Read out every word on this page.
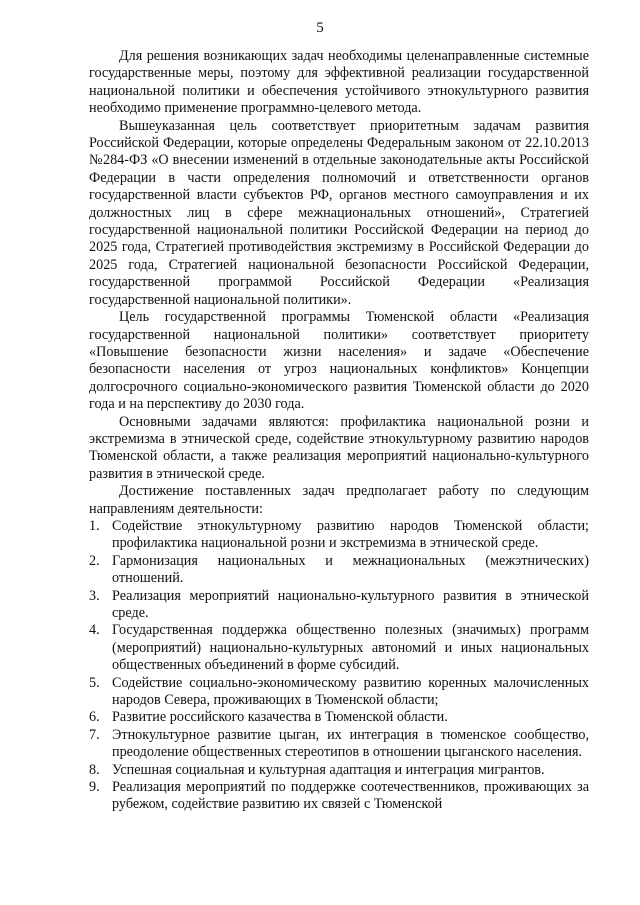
5

Для решения возникающих задач необходимы целенаправленные системные государственные меры, поэтому для эффективной реализации государственной национальной политики и обеспечения устойчивого этнокультурного развития необходимо применение программно-целевого метода.

Вышеуказанная цель соответствует приоритетным задачам развития Российской Федерации, которые определены Федеральным законом от 22.10.2013 №284-ФЗ «О внесении изменений в отдельные законодательные акты Российской Федерации в части определения полномочий и ответственности органов государственной власти субъектов РФ, органов местного самоуправления и их должностных лиц в сфере межнациональных отношений», Стратегией государственной национальной политики Российской Федерации на период до 2025 года, Стратегией противодействия экстремизму в Российской Федерации до 2025 года, Стратегией национальной безопасности Российской Федерации, государственной программой Российской Федерации «Реализация государственной национальной политики».

Цель государственной программы Тюменской области «Реализация государственной национальной политики» соответствует приоритету «Повышение безопасности жизни населения» и задаче «Обеспечение безопасности населения от угроз национальных конфликтов» Концепции долгосрочного социально-экономического развития Тюменской области до 2020 года и на перспективу до 2030 года.

Основными задачами являются: профилактика национальной розни и экстремизма в этнической среде, содействие этнокультурному развитию народов Тюменской области, а также реализация мероприятий национально-культурного развития в этнической среде.

Достижение поставленных задач предполагает работу по следующим направлениям деятельности:

1. Содействие этнокультурному развитию народов Тюменской области; профилактика национальной розни и экстремизма в этнической среде.
2. Гармонизация национальных и межнациональных (межэтнических) отношений.
3. Реализация мероприятий национально-культурного развития в этнической среде.
4. Государственная поддержка общественно полезных (значимых) программ (мероприятий) национально-культурных автономий и иных национальных общественных объединений в форме субсидий.
5. Содействие социально-экономическому развитию коренных малочисленных народов Севера, проживающих в Тюменской области;
6. Развитие российского казачества в Тюменской области.
7. Этнокультурное развитие цыган, их интеграция в тюменское сообщество, преодоление общественных стереотипов в отношении цыганского населения.
8. Успешная социальная и культурная адаптация и интеграция мигрантов.
9. Реализация мероприятий по поддержке соотечественников, проживающих за рубежом, содействие развитию их связей с Тюменской
